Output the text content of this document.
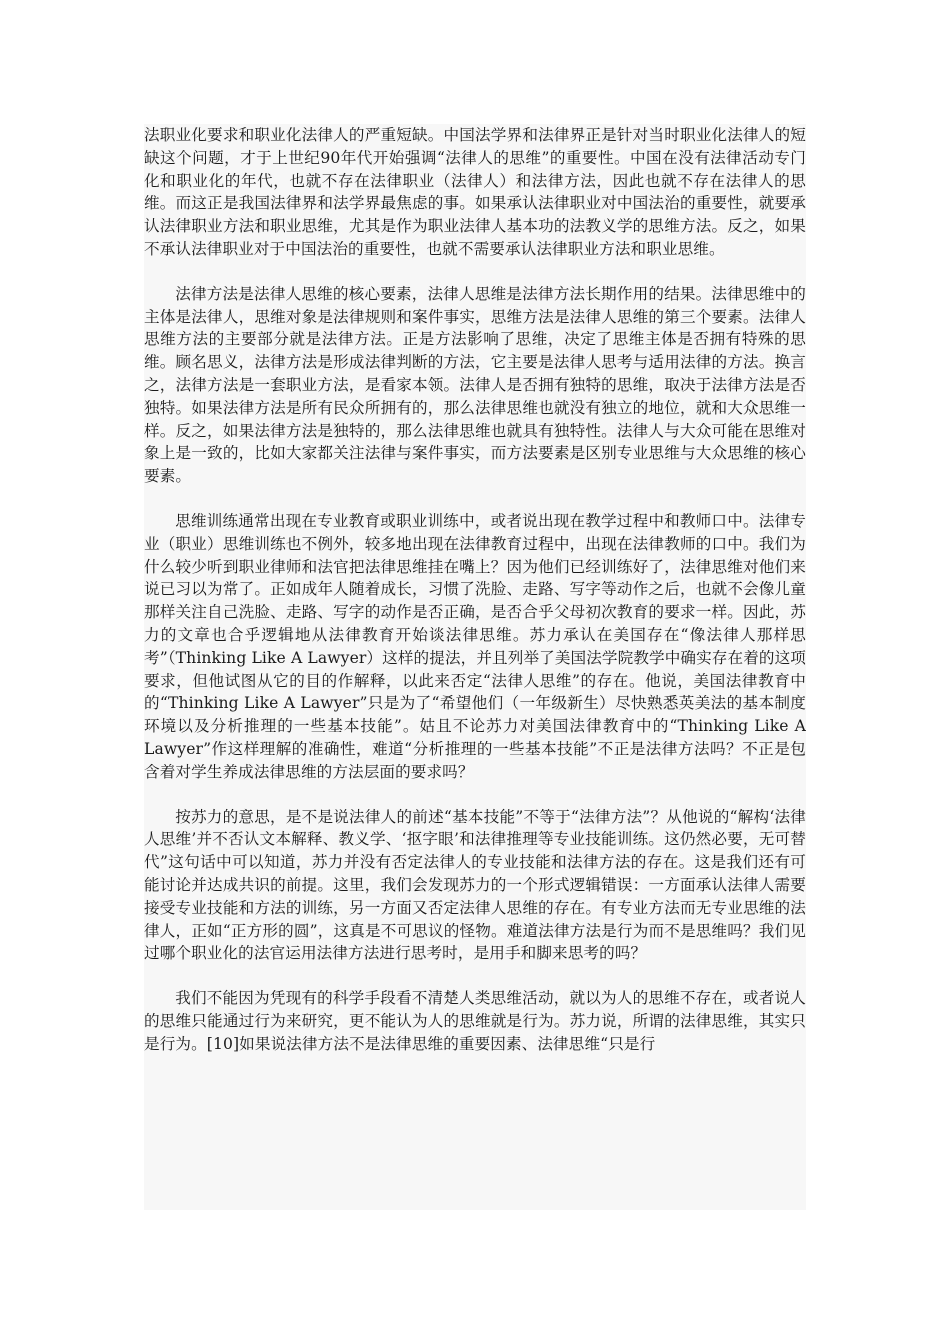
法职业化要求和职业化法律人的严重短缺。中国法学界和法律界正是针对当时职业化法律人的短缺这个问题，才于上世纪90年代开始强调“法律人的思维”的重要性。中国在没有法律活动专门化和职业化的年代，也就不存在法律职业（法律人）和法律方法，因此也就不存在法律人的思维。而这正是我国法律界和法学界最焦虑的事。如果承认法律职业对中国法治的重要性，就要承认法律职业方法和职业思维，尤其是作为职业法律人基本功的法教义学的思维方法。反之，如果不承认法律职业对于中国法治的重要性，也就不需要承认法律职业方法和职业思维。

法律方法是法律人思维的核心要素，法律人思维是法律方法长期作用的结果。法律思维中的主体是法律人，思维对象是法律规则和案件事实，思维方法是法律人思维的第三个要素。法律人思维方法的主要部分就是法律方法。正是方法影响了思维，决定了思维主体是否拥有特殊的思维。顾名思义，法律方法是形成法律判断的方法，它主要是法律人思考与适用法律的方法。换言之，法律方法是一套职业方法，是看家本领。法律人是否拥有独特的思维，取决于法律方法是否独特。如果法律方法是所有民众所拥有的，那么法律思维也就没有独立的地位，就和大众思维一样。反之，如果法律方法是独特的，那么法律思维也就具有独特性。法律人与大众可能在思维对象上是一致的，比如大家都关注法律与案件事实，而方法要素是区别专业思维与大众思维的核心要素。

思维训练通常出现在专业教育或职业训练中，或者说出现在教学过程中和教师口中。法律专业（职业）思维训练也不例外，较多地出现在法律教育过程中，出现在法律教师的口中。我们为什么较少听到职业律师和法官把法律思维挂在嘴上？因为他们已经训练好了，法律思维对他们来说已习以为常了。正如成年人随着成长，习惯了洗脸、走路、写字等动作之后，也就不会像儿童那样关注自己洗脸、走路、写字的动作是否正确，是否合乎父母初次教育的要求一样。因此，苏力的文章也合乎逻辑地从法律教育开始谈法律思维。苏力承认在美国存在“像法律人那样思考”（Thinking Like A Lawyer）这样的提法，并且列举了美国法学院教学中确实存在着的这项要求，但他试图从它的目的作解释，以此来否定“法律人思维”的存在。他说，美国法律教育中的“Thinking Like A Lawyer”只是为了“希望他们（一年级新生）尽快熟悉英美法的基本制度环境以及分析推理的一些基本技能”。姑且不论苏力对美国法律教育中的“Thinking Like A Lawyer”作这样理解的准确性，难道“分析推理的一些基本技能”不正是法律方法吗？不正是包含着对学生养成法律思维的方法层面的要求吗？

按苏力的意思，是不是说法律人的前述“基本技能”不等于“法律方法”？从他说的“解构‘法律人思维’并不否认文本解释、教义学、‘抠字眼’和法律推理等专业技能训练。这仍然必要，无可替代”这句话中可以知道，苏力并没有否定法律人的专业技能和法律方法的存在。这是我们还有可能讨论并达成共识的前提。这里，我们会发现苏力的一个形式逻辑错误：一方面承认法律人需要接受专业技能和方法的训练，另一方面又否定法律人思维的存在。有专业方法而无专业思维的法律人，正如“正方形的圆”，这真是不可思议的怪物。难道法律方法是行为而不是思维吗？我们见过哪个职业化的法官运用法律方法进行思考时，是用手和脚来思考的吗？

我们不能因为凭现有的科学手段看不清楚人类思维活动，就以为人的思维不存在，或者说人的思维只能通过行为来研究，更不能认为人的思维就是行为。苏力说，所谓的法律思维，其实只是行为。[10]如果说法律方法不是法律思维的重要因素、法律思维“只是行
